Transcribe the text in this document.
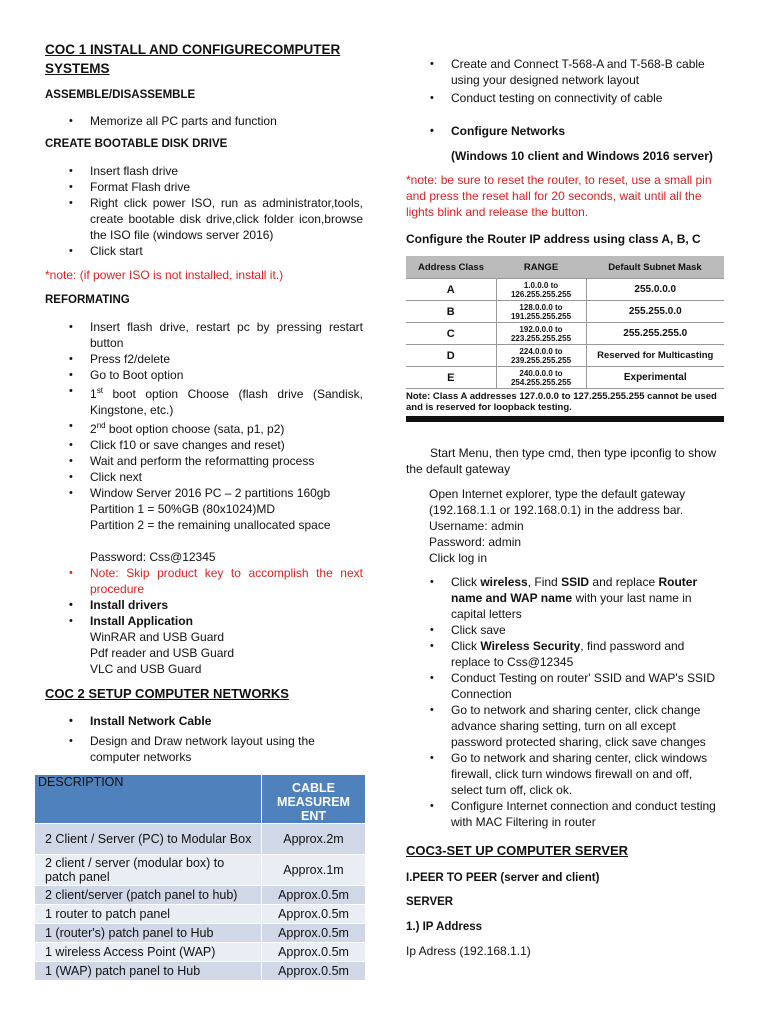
COC 1 INSTALL AND CONFIGURECOMPUTER
SYSTEMS
ASSEMBLE/DISASSEMBLE
• Memorize all PC parts and function
CREATE BOOTABLE DISK DRIVE
• Insert flash drive
• Format Flash drive
• Right click power ISO, run as administrator,tools, create bootable disk drive,click folder icon,browse the ISO file (windows server 2016)
• Click start

*note: (if power ISO is not installed, install it.)

REFORMATING
• Insert flash drive, restart pc by pressing restart button
• Press f2/delete
• Go to Boot option
• 1st boot option Choose (flash drive (Sandisk, Kingstone, etc.)
• 2nd boot option choose (sata, p1, p2)
• Click f10 or save changes and reset)
• Wait and perform the reformatting process
• Click next
• Window Server 2016 PC – 2 partitions 160gb
Partition 1 = 50%GB (80x1024)MD
Partition 2 = the remaining unallocated space
Password: Css@12345
• Note: Skip product key to accomplish the next procedure
• Install drivers
• Install Application
WinRAR and USB Guard
Pdf reader and USB Guard
VLC and USB Guard
COC 2 SETUP COMPUTER NETWORKS
• Install Network Cable
• Design and Draw network layout using the computer networks
DESCRIPTION	CABLE
MEASUREM
ENT

2 Client / Server (PC) to Modular Box	Approx.2m
2 client / server (modular box) to patch panel	Approx.1m
2 client/server (patch panel to hub)	Approx.0.5m
1 router to patch panel	Approx.0.5m
1 (router's) patch panel to Hub	Approx.0.5m
1 wireless Access Point (WAP)	Approx.0.5m
1 (WAP) patch panel to Hub	Approx.0.5m
• Create and Connect T-568-A and T-568-B cable using your designed network layout
• Conduct testing on connectivity of cable
• Configure Networks

(Windows 10 client and Windows 2016 server)

*note: be sure to reset the router, to reset, use a small pin and press the reset hall for 20 seconds, wait until all the lights blink and release the button.

Configure the Router IP address using class A, B, C

Address Class	RANGE	Default Subnet Mask
A	1.0.0.0 to
126.255.255.255	255.0.0.0
B	128.0.0.0 to
191.255.255.255	255.255.0.0
C	192.0.0.0 to
223.255.255.255	255.255.255.0
D	224.0.0.0 to
239.255.255.255	Reserved for Multicasting
E	240.0.0.0 to
254.255.255.255	Experimental
Note: Class A addresses 127.0.0.0 to 127.255.255.255 cannot be used and is reserved for loopback testing.		

Start Menu, then type cmd, then type ipconfig to show the default gateway

Open Internet explorer, type the default gateway (192.168.1.1 or 192.168.0.1) in the address bar.

Username: admin

Password: admin

Click log in

• Click wireless, Find SSID and replace Router name and WAP name with your last name in capital letters
• Click save
• Click Wireless Security, find password and replace to Css@12345
• Conduct Testing on router' SSID and WAP's SSID Connection
• Go to network and sharing center, click change advance sharing setting, turn on all except password protected sharing, click save changes
• Go to network and sharing center, click windows firewall, click turn windows firewall on and off, select turn off, click ok.
• Configure Internet connection and conduct testing with MAC Filtering in router
COC3-SET UP COMPUTER SERVER

I.PEER TO PEER (server and client)

SERVER

1.) IP Address

Ip Adress (192.168.1.1)
